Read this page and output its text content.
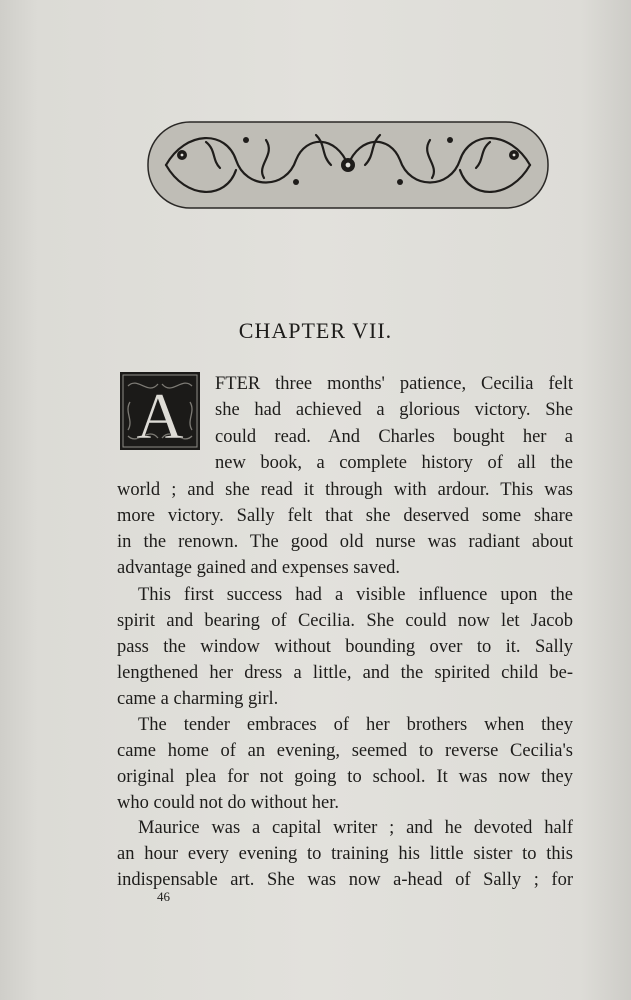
CHAPTER VII.
A FTER three months' patience, Cecilia felt
she had achieved a glorious victory. She
could read. And Charles bought her a
new book, a complete history of all the
world ; and she read it through with ardour. This was
more victory. Sally felt that she deserved some share
in the renown. The good old nurse was radiant about
advantage gained and expenses saved.
This first success had a visible influence upon the
spirit and bearing of Cecilia. She could now let Jacob
pass the window without bounding over to it. Sally
lengthened her dress a little, and the spirited child be-
came a charming girl.
The tender embraces of her brothers when they
came home of an evening, seemed to reverse Cecilia's
original plea for not going to school. It was now they
who could not do without her.
Maurice was a capital writer ; and he devoted half
an hour every evening to training his little sister to this
indispensable art. She was now a-head of Sally ; for
46
